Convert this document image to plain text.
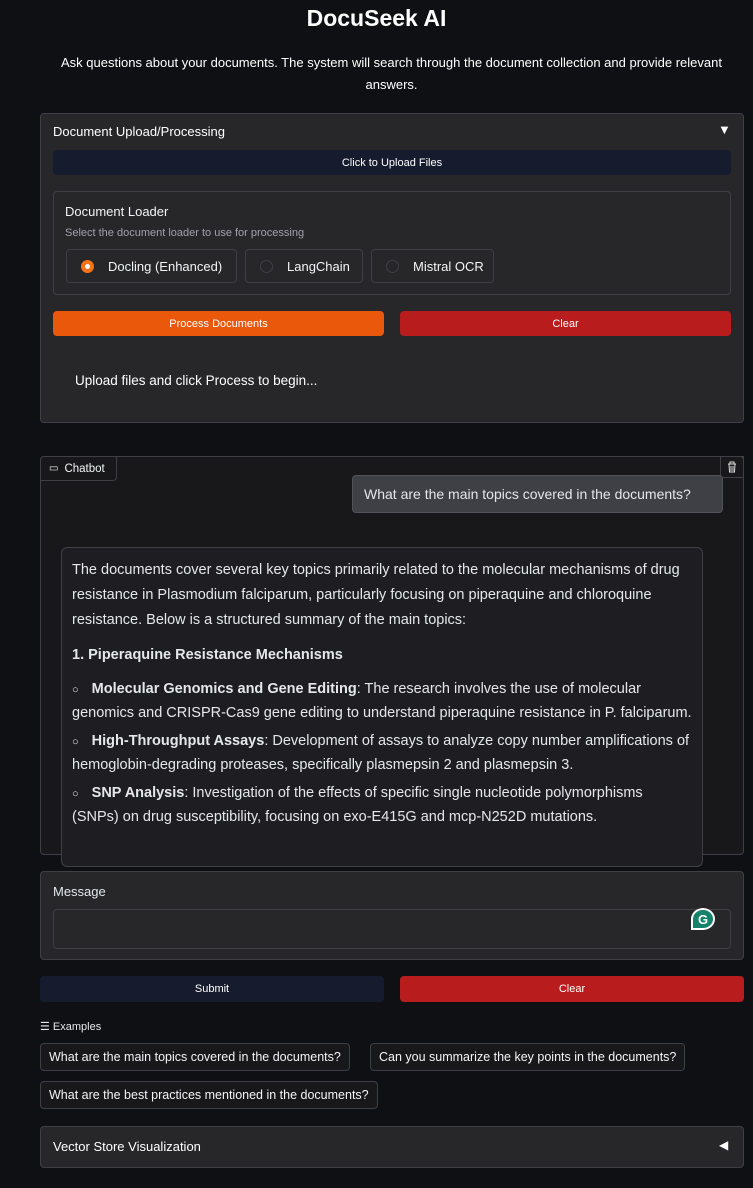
DocuSeek AI
Ask questions about your documents. The system will search through the document collection and provide relevant answers.
Document Upload/Processing	▼
Click to Upload Files
Document Loader
Select the document loader to use for processing
Docling (Enhanced)	LangChain	Mistral OCR
Process Documents	Clear
Upload files and click Process to begin...
▭ Chatbot
What are the main topics covered in the documents?

The documents cover several key topics primarily related to the molecular mechanisms of drug resistance in Plasmodium falciparum, particularly focusing on piperaquine and chloroquine resistance. Below is a structured summary of the main topics:

1. Piperaquine Resistance Mechanisms

○ Molecular Genomics and Gene Editing: The research involves the use of molecular genomics and CRISPR-Cas9 gene editing to understand piperaquine resistance in P. falciparum.

○ High-Throughput Assays: Development of assays to analyze copy number amplifications of hemoglobin-degrading proteases, specifically plasmepsin 2 and plasmepsin 3.

○ SNP Analysis: Investigation of the effects of specific single nucleotide polymorphisms (SNPs) on drug susceptibility, focusing on exo-E415G and mcp-N252D mutations.

Message
G
Submit	Clear
☰ Examples
What are the main topics covered in the documents?	Can you summarize the key points in the documents?
What are the best practices mentioned in the documents?
Vector Store Visualization	◀
